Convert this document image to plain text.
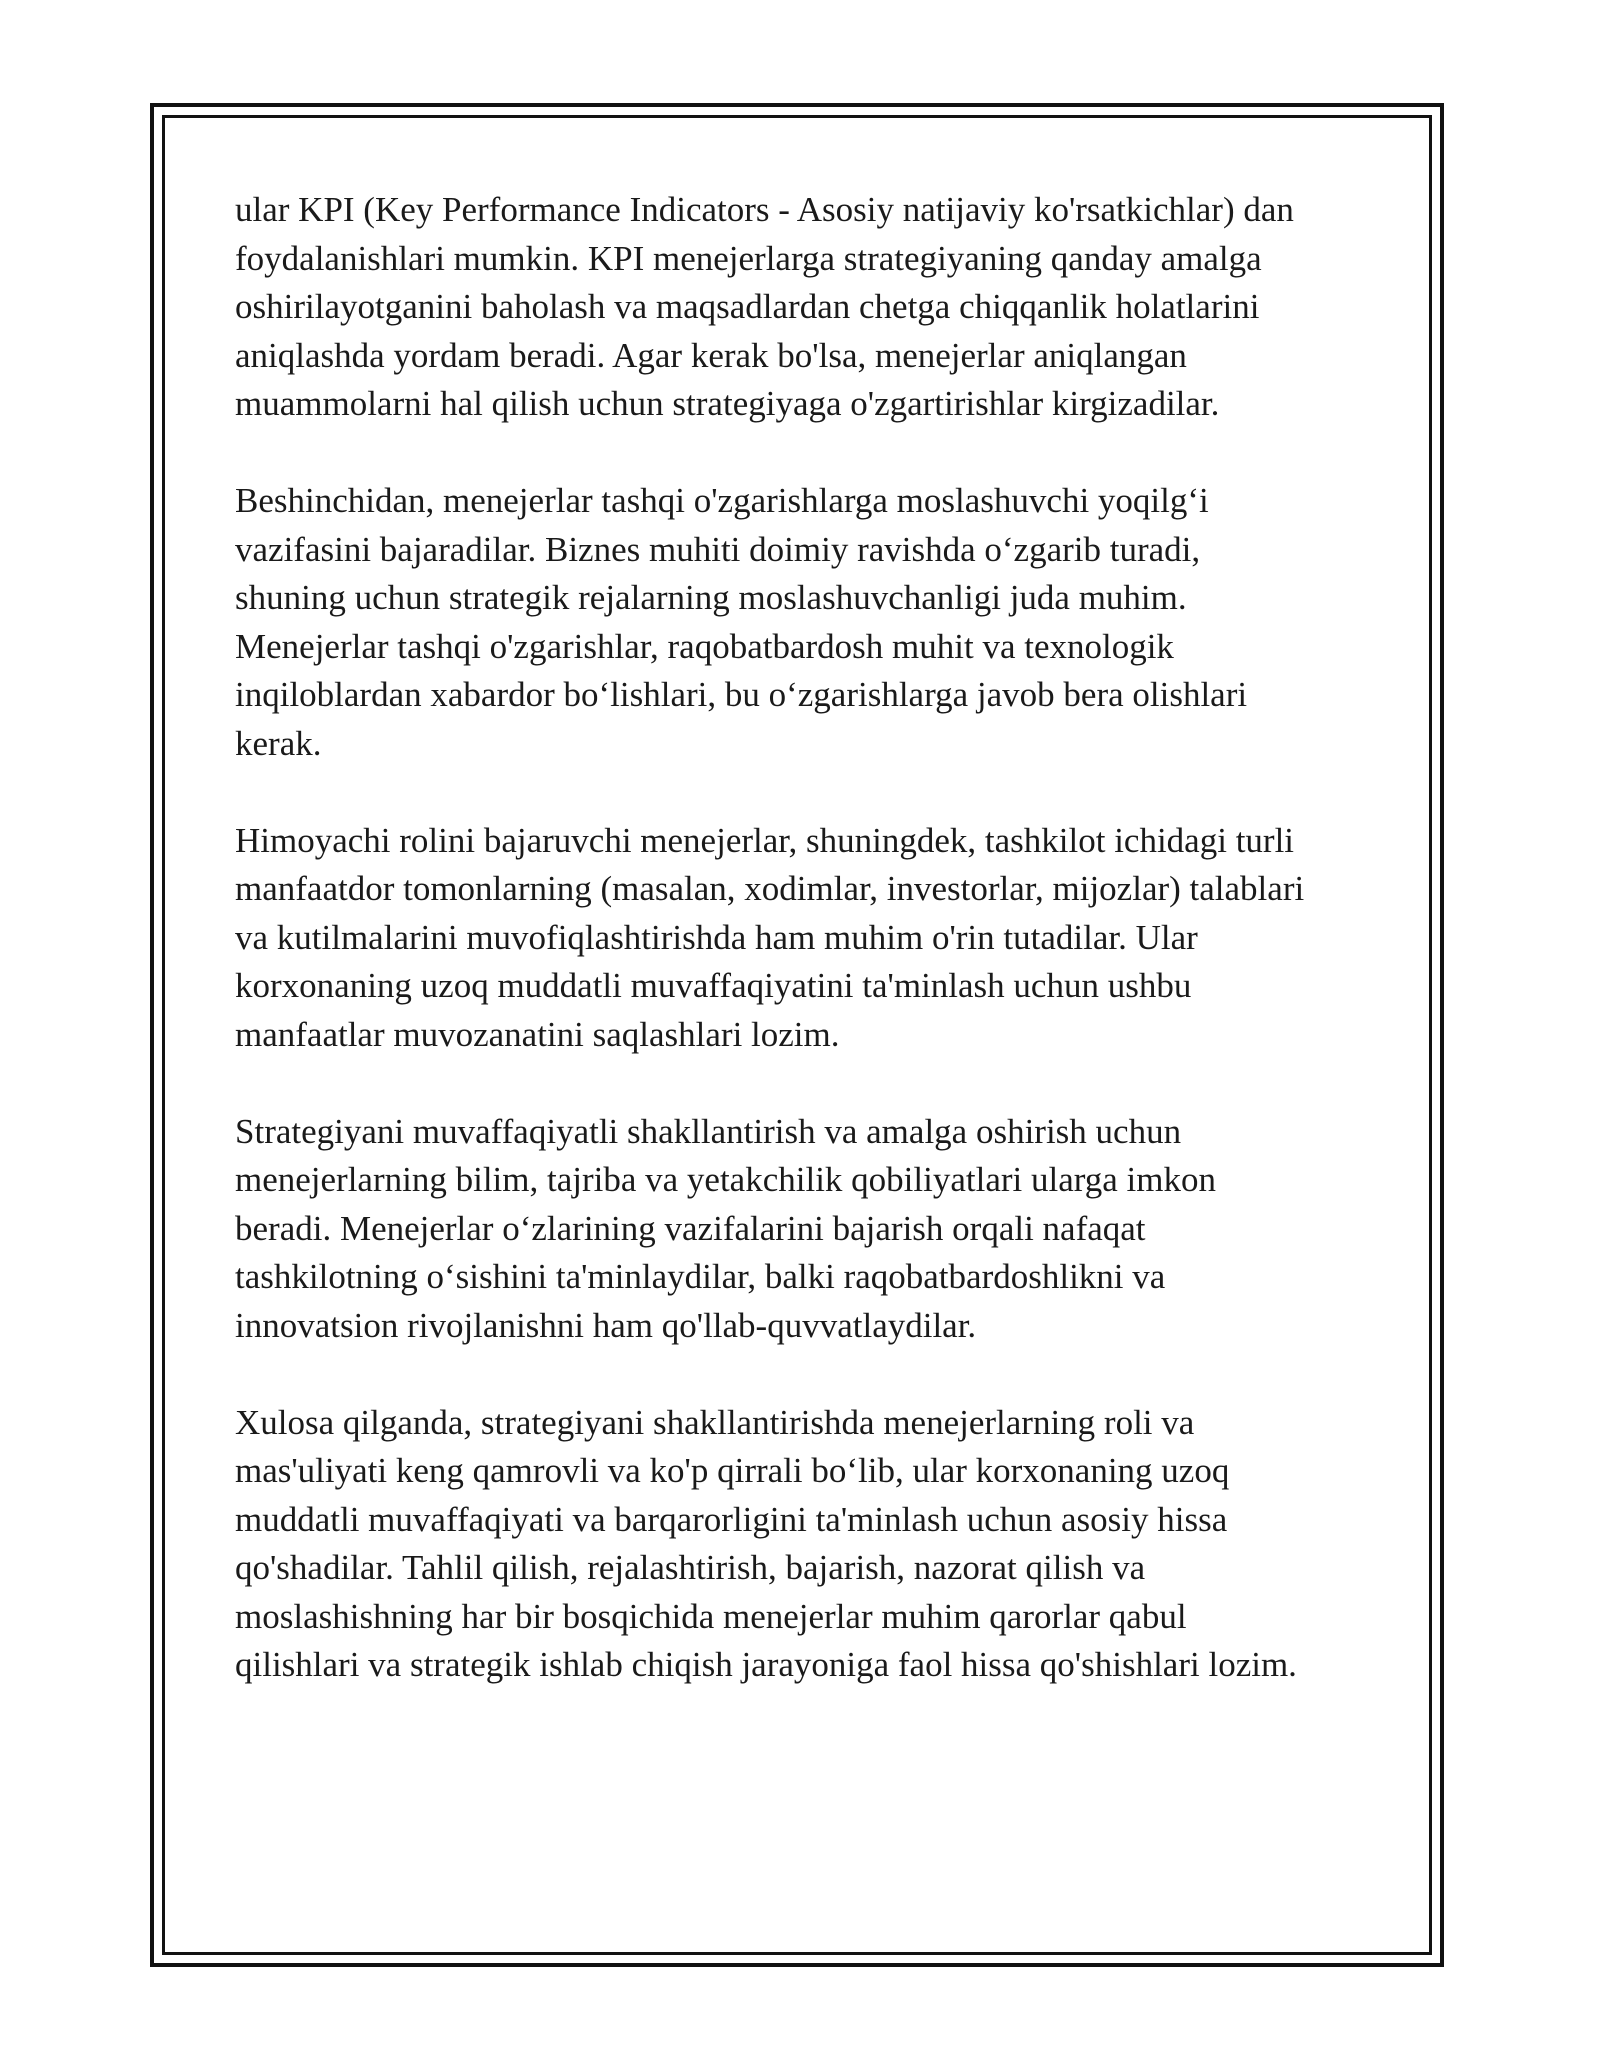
ular KPI (Key Performance Indicators - Asosiy natijaviy ko'rsatkichlar) dan
foydalanishlari mumkin. KPI menejerlarga strategiyaning qanday amalga
oshirilayotganini baholash va maqsadlardan chetga chiqqanlik holatlarini
aniqlashda yordam beradi. Agar kerak bo'lsa, menejerlar aniqlangan
muammolarni hal qilish uchun strategiyaga o'zgartirishlar kirgizadilar.

Beshinchidan, menejerlar tashqi o'zgarishlarga moslashuvchi yoqilg‘i
vazifasini bajaradilar. Biznes muhiti doimiy ravishda o‘zgarib turadi,
shuning uchun strategik rejalarning moslashuvchanligi juda muhim.
Menejerlar tashqi o'zgarishlar, raqobatbardosh muhit va texnologik
inqiloblardan xabardor bo‘lishlari, bu o‘zgarishlarga javob bera olishlari
kerak.

Himoyachi rolini bajaruvchi menejerlar, shuningdek, tashkilot ichidagi turli
manfaatdor tomonlarning (masalan, xodimlar, investorlar, mijozlar) talablari
va kutilmalarini muvofiqlashtirishda ham muhim o'rin tutadilar. Ular
korxonaning uzoq muddatli muvaffaqiyatini ta'minlash uchun ushbu
manfaatlar muvozanatini saqlashlari lozim.

Strategiyani muvaffaqiyatli shakllantirish va amalga oshirish uchun
menejerlarning bilim, tajriba va yetakchilik qobiliyatlari ularga imkon
beradi. Menejerlar o‘zlarining vazifalarini bajarish orqali nafaqat
tashkilotning o‘sishini ta'minlaydilar, balki raqobatbardoshlikni va
innovatsion rivojlanishni ham qo'llab-quvvatlaydilar.

Xulosa qilganda, strategiyani shakllantirishda menejerlarning roli va
mas'uliyati keng qamrovli va ko'p qirrali bo‘lib, ular korxonaning uzoq
muddatli muvaffaqiyati va barqarorligini ta'minlash uchun asosiy hissa
qo'shadilar. Tahlil qilish, rejalashtirish, bajarish, nazorat qilish va
moslashishning har bir bosqichida menejerlar muhim qarorlar qabul
qilishlari va strategik ishlab chiqish jarayoniga faol hissa qo'shishlari lozim.
